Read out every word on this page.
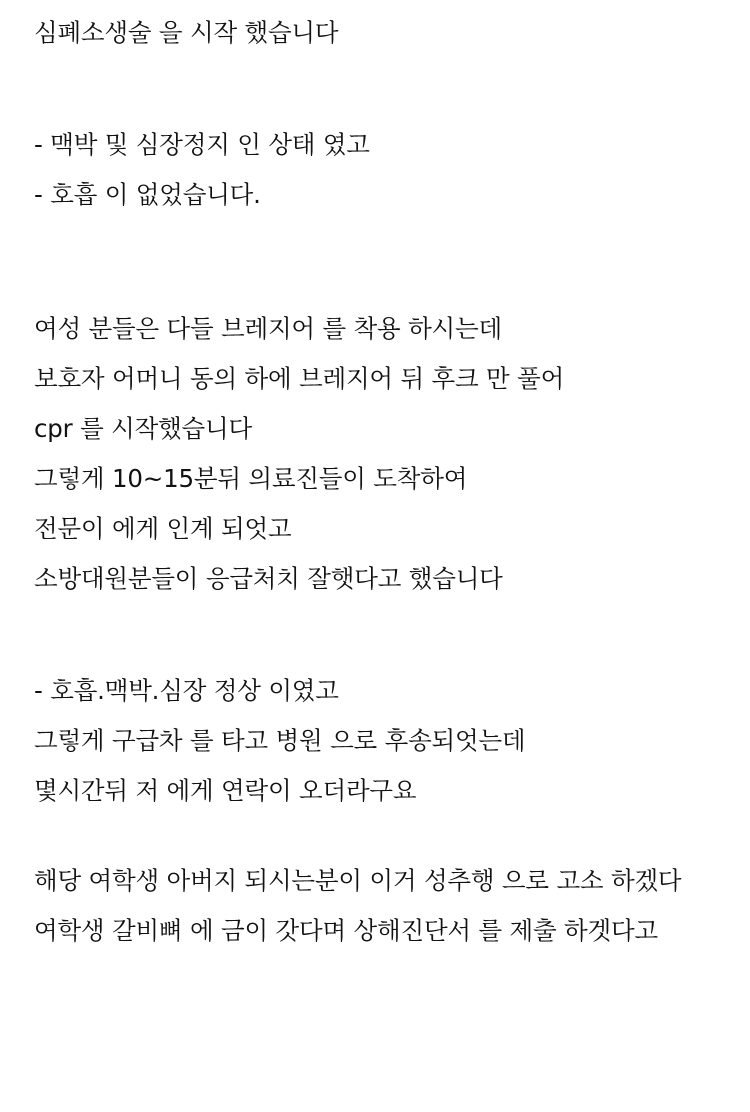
심폐소생술 을 시작 했습니다
- 맥박 및 심장정지 인 상태 였고
- 호흡 이 없었습니다.
여성 분들은 다들 브레지어 를 착용 하시는데
보호자 어머니 동의 하에 브레지어 뒤 후크 만 풀어
cpr 를 시작했습니다
그렇게 10~15분뒤 의료진들이 도착하여
전문이 에게 인계 되엇고
소방대원분들이 응급처치 잘햇다고 했습니다
- 호흡.맥박.심장 정상 이였고
그렇게 구급차 를 타고 병원 으로 후송되엇는데
몇시간뒤 저 에게 연락이 오더라구요
해당 여학생 아버지 되시는분이 이거 성추행 으로 고소 하겠다
여학생 갈비뼈 에 금이 갓다며 상해진단서 를 제출 하겟다고
